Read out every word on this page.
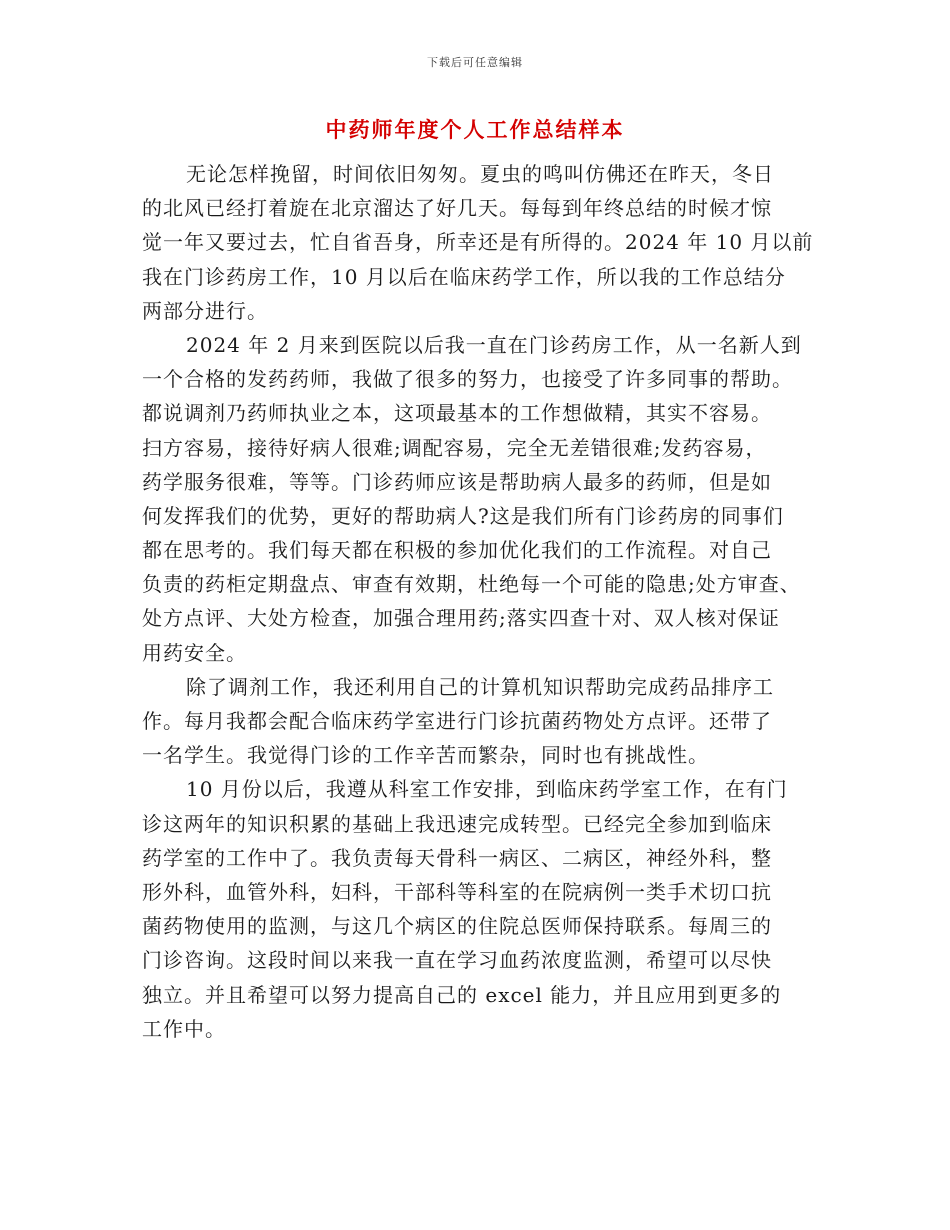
下载后可任意编辑
中药师年度个人工作总结样本

无论怎样挽留，时间依旧匆匆。夏虫的鸣叫仿佛还在昨天，冬日
的北风已经打着旋在北京溜达了好几天。每每到年终总结的时候才惊
觉一年又要过去，忙自省吾身，所幸还是有所得的。2024 年 10 月以前
我在门诊药房工作，10 月以后在临床药学工作，所以我的工作总结分
两部分进行。

2024 年 2 月来到医院以后我一直在门诊药房工作，从一名新人到
一个合格的发药药师，我做了很多的努力，也接受了许多同事的帮助。
都说调剂乃药师执业之本，这项最基本的工作想做精，其实不容易。
扫方容易，接待好病人很难;调配容易，完全无差错很难;发药容易，
药学服务很难，等等。门诊药师应该是帮助病人最多的药师，但是如
何发挥我们的优势，更好的帮助病人?这是我们所有门诊药房的同事们
都在思考的。我们每天都在积极的参加优化我们的工作流程。对自己
负责的药柜定期盘点、审查有效期，杜绝每一个可能的隐患;处方审查、
处方点评、大处方检查，加强合理用药;落实四查十对、双人核对保证
用药安全。

除了调剂工作，我还利用自己的计算机知识帮助完成药品排序工
作。每月我都会配合临床药学室进行门诊抗菌药物处方点评。还带了
一名学生。我觉得门诊的工作辛苦而繁杂，同时也有挑战性。

10 月份以后，我遵从科室工作安排，到临床药学室工作，在有门
诊这两年的知识积累的基础上我迅速完成转型。已经完全参加到临床
药学室的工作中了。我负责每天骨科一病区、二病区，神经外科，整
形外科，血管外科，妇科，干部科等科室的在院病例一类手术切口抗
菌药物使用的监测，与这几个病区的住院总医师保持联系。每周三的
门诊咨询。这段时间以来我一直在学习血药浓度监测，希望可以尽快
独立。并且希望可以努力提高自己的 excel 能力，并且应用到更多的
工作中。
